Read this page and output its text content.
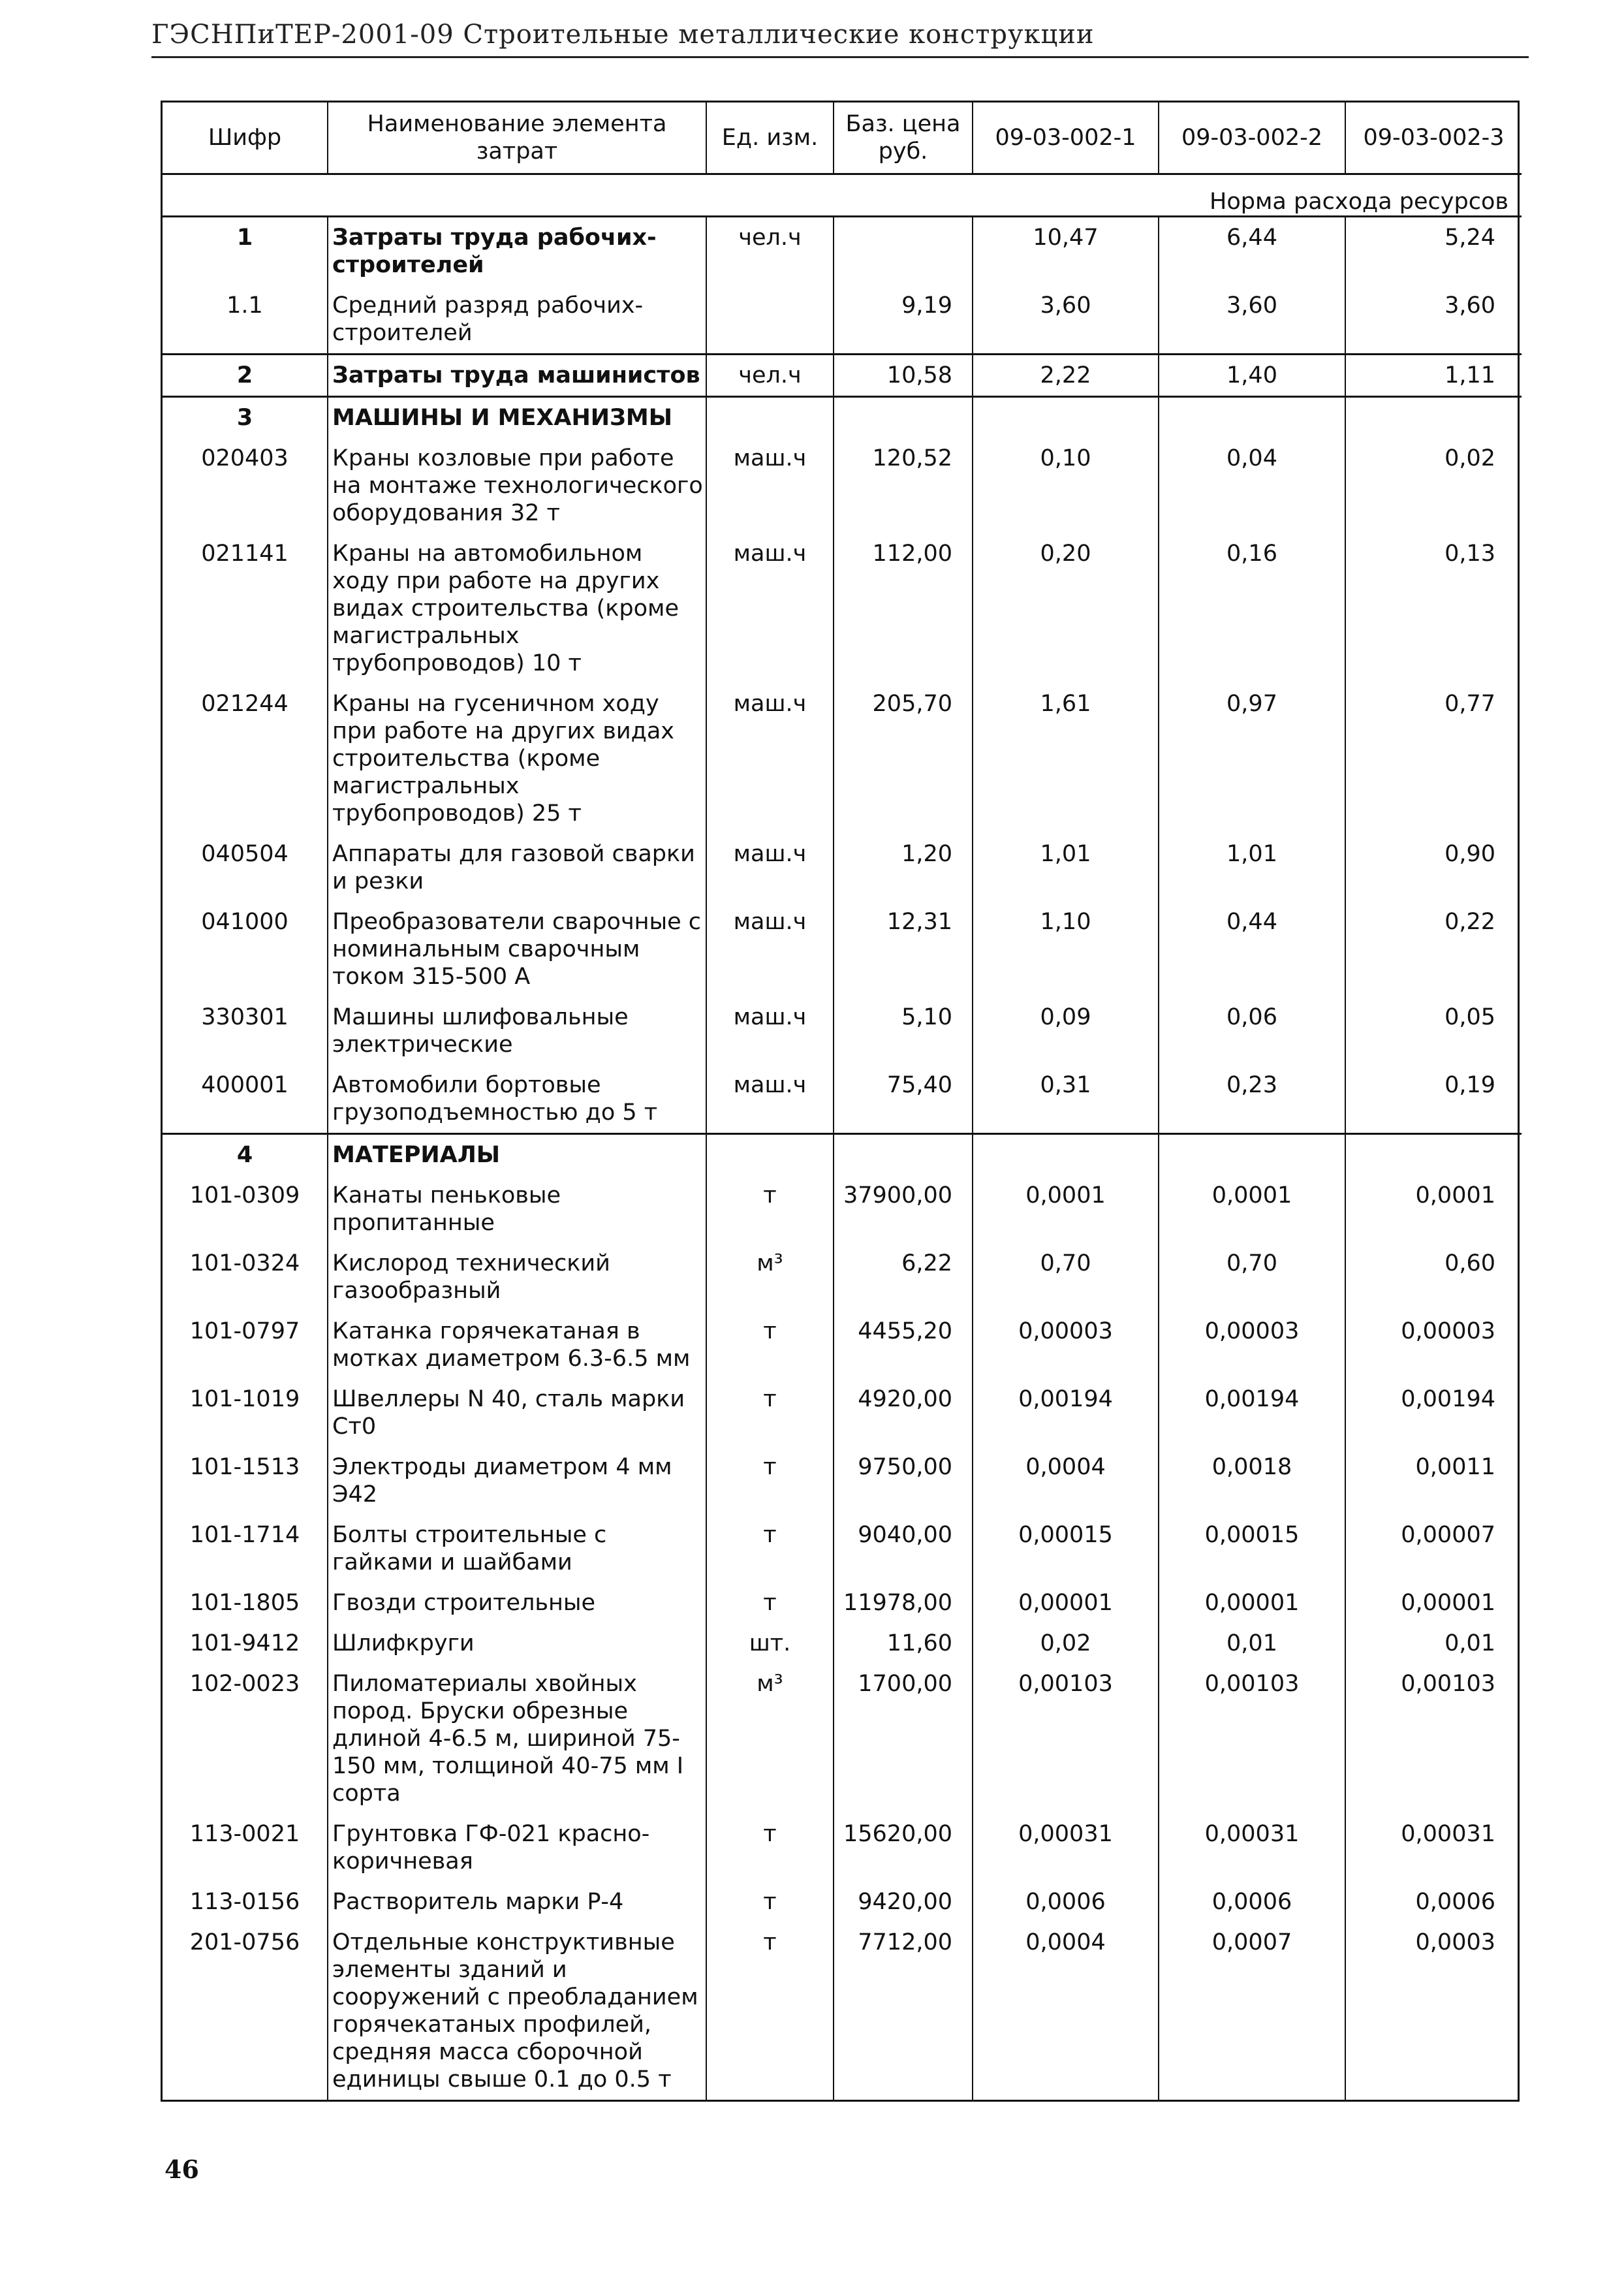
ГЭСНПиТЕР-2001-09 Строительные металлические конструкции
Шифр	Наименование элемента затрат	Ед. изм.	Баз. цена руб.	09-03-002-1	09-03-002-2	09-03-002-3
Норма расхода ресурсов						
1	Затраты труда рабочих-строителей	чел.ч		10,47	6,44	5,24
1.1	Средний разряд рабочих-строителей		9,19	3,60	3,60	3,60
2	Затраты труда машинистов	чел.ч	10,58	2,22	1,40	1,11
3	МАШИНЫ И МЕХАНИЗМЫ					
020403	Краны козловые при работе на монтаже технологического оборудования 32 т	маш.ч	120,52	0,10	0,04	0,02
021141	Краны на автомобильном ходу при работе на других видах строительства (кроме магистральных трубопроводов) 10 т	маш.ч	112,00	0,20	0,16	0,13
021244	Краны на гусеничном ходу при работе на других видах строительства (кроме магистральных трубопроводов) 25 т	маш.ч	205,70	1,61	0,97	0,77
040504	Аппараты для газовой сварки и резки	маш.ч	1,20	1,01	1,01	0,90
041000	Преобразователи сварочные с номинальным сварочным током 315-500 А	маш.ч	12,31	1,10	0,44	0,22
330301	Машины шлифовальные электрические	маш.ч	5,10	0,09	0,06	0,05
400001	Автомобили бортовые грузоподъемностью до 5 т	маш.ч	75,40	0,31	0,23	0,19
4	МАТЕРИАЛЫ					
101-0309	Канаты пеньковые пропитанные	т	37900,00	0,0001	0,0001	0,0001
101-0324	Кислород технический газообразный	м³	6,22	0,70	0,70	0,60
101-0797	Катанка горячекатаная в мотках диаметром 6.3-6.5 мм	т	4455,20	0,00003	0,00003	0,00003
101-1019	Швеллеры N 40, сталь марки Ст0	т	4920,00	0,00194	0,00194	0,00194
101-1513	Электроды диаметром 4 мм Э42	т	9750,00	0,0004	0,0018	0,0011
101-1714	Болты строительные с гайками и шайбами	т	9040,00	0,00015	0,00015	0,00007
101-1805	Гвозди строительные	т	11978,00	0,00001	0,00001	0,00001
101-9412	Шлифкруги	шт.	11,60	0,02	0,01	0,01
102-0023	Пиломатериалы хвойных пород. Бруски обрезные длиной 4-6.5 м, шириной 75-150 мм, толщиной 40-75 мм I сорта	м³	1700,00	0,00103	0,00103	0,00103
113-0021	Грунтовка ГФ-021 красно-коричневая	т	15620,00	0,00031	0,00031	0,00031
113-0156	Растворитель марки Р-4	т	9420,00	0,0006	0,0006	0,0006
201-0756	Отдельные конструктивные элементы зданий и сооружений с преобладанием горячекатаных профилей, средняя масса сборочной единицы свыше 0.1 до 0.5 т	т	7712,00	0,0004	0,0007	0,0003
46
